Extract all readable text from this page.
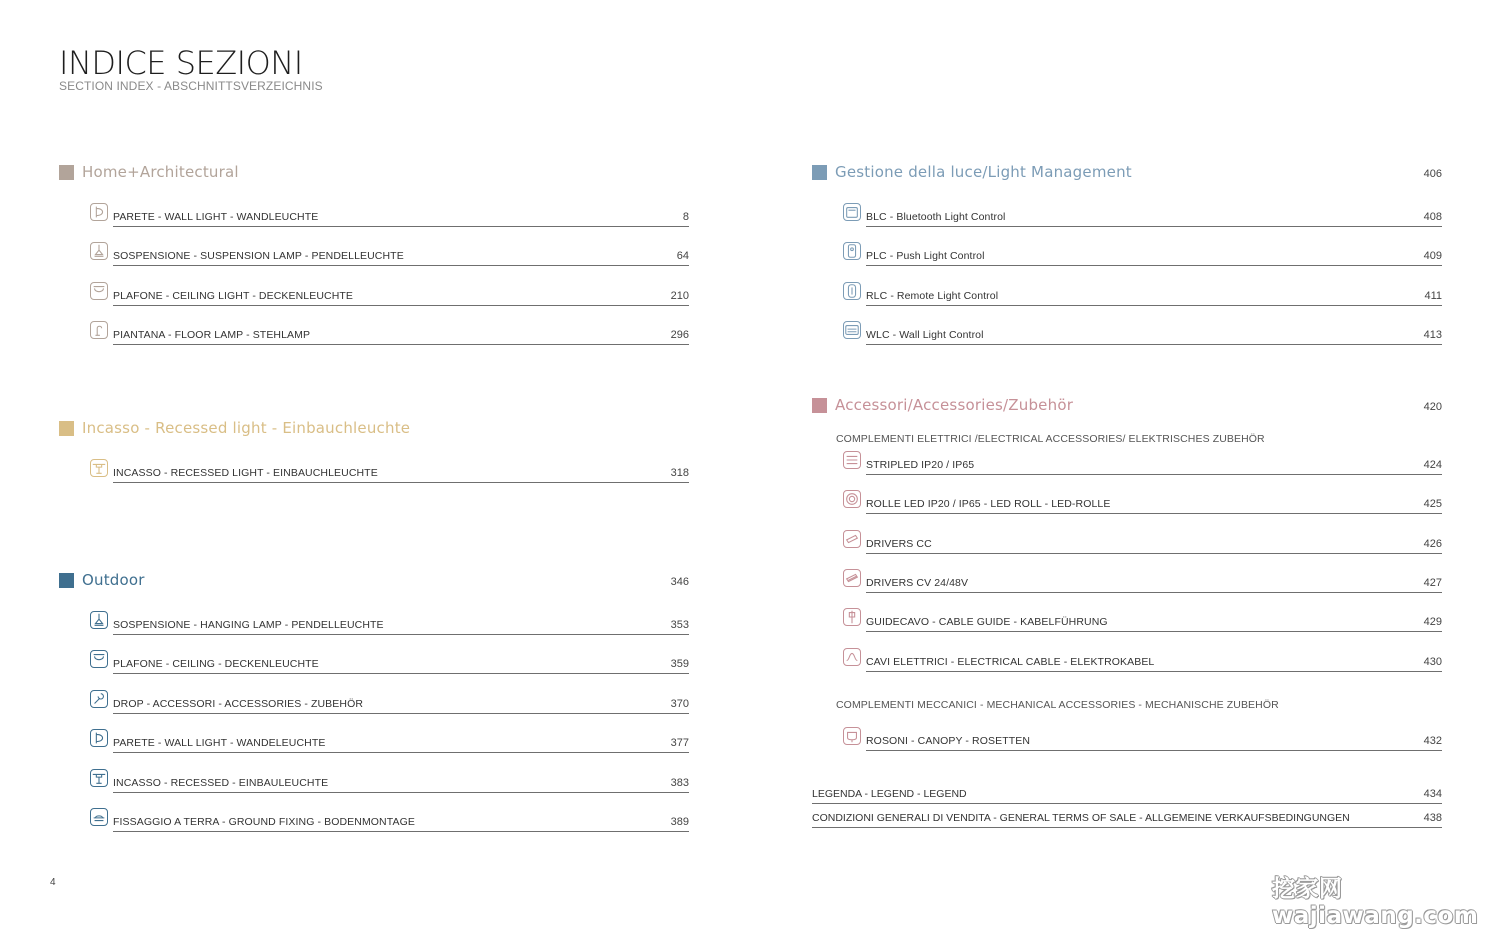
INDICE SEZIONI
SECTION INDEX - ABSCHNITTSVERZEICHNIS
Home+Architectural
PARETE - WALL LIGHT - WANDLEUCHTE	8
SOSPENSIONE - SUSPENSION LAMP - PENDELLEUCHTE	64
PLAFONE - CEILING LIGHT - DECKENLEUCHTE	210
PIANTANA - FLOOR LAMP - STEHLAMP	296
Incasso - Recessed light - Einbauchleuchte
INCASSO - RECESSED LIGHT - EINBAUCHLEUCHTE	318
Outdoor	346
SOSPENSIONE - HANGING LAMP - PENDELLEUCHTE	353
PLAFONE - CEILING - DECKENLEUCHTE	359
DROP - ACCESSORI - ACCESSORIES - ZUBEHÖR	370
PARETE - WALL LIGHT - WANDELEUCHTE	377
INCASSO - RECESSED - EINBAULEUCHTE	383
FISSAGGIO A TERRA - GROUND FIXING - BODENMONTAGE	389
Gestione della luce/Light Management	406
BLC - Bluetooth Light Control	408
PLC - Push Light Control	409
RLC - Remote Light Control	411
WLC - Wall Light Control	413
Accessori/Accessories/Zubehör	420
COMPLEMENTI ELETTRICI /ELECTRICAL ACCESSORIES/ ELEKTRISCHES ZUBEHÖR
STRIPLED IP20 / IP65	424
ROLLE LED IP20 / IP65 - LED ROLL - LED-ROLLE	425
DRIVERS CC	426
DRIVERS CV 24/48V	427
GUIDECAVO - CABLE GUIDE - KABELFÜHRUNG	429
CAVI ELETTRICI - ELECTRICAL CABLE - ELEKTROKABEL	430
COMPLEMENTI MECCANICI - MECHANICAL ACCESSORIES - MECHANISCHE ZUBEHÖR
ROSONI - CANOPY - ROSETTEN	432
LEGENDA - LEGEND - LEGEND	434
CONDIZIONI GENERALI DI VENDITA - GENERAL TERMS OF SALE - ALLGEMEINE VERKAUFSBEDINGUNGEN	438
4	挖家网 wajiawang.com
